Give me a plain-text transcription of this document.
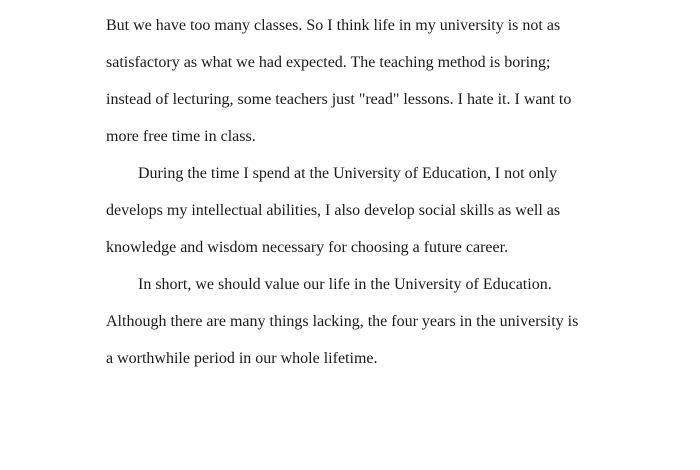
But we have too many classes. So I think life in my university is not as
satisfactory as what we had expected. The teaching method is boring;
instead of lecturing, some teachers just "read" lessons. I hate it. I want to
more free time in class.
During the time I spend at the University of Education, I not only
develops my intellectual abilities, I also develop social skills as well as
knowledge and wisdom necessary for choosing a future career.
In short, we should value our life in the University of Education.
Although there are many things lacking, the four years in the university is
a worthwhile period in our whole lifetime.
